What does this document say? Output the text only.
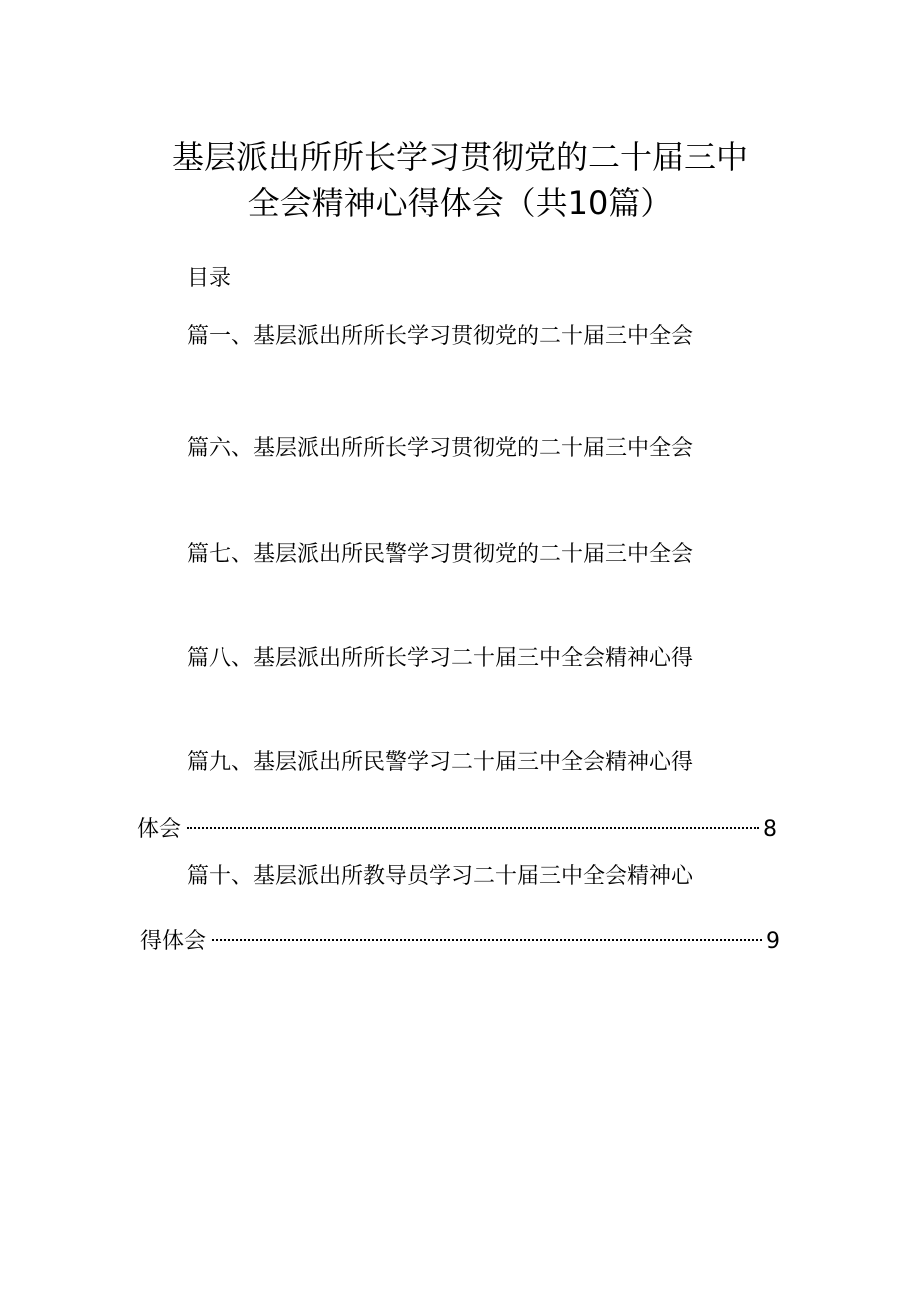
基层派出所所长学习贯彻党的二十届三中
全会精神心得体会（共10篇）
目录
篇一、基层派出所所长学习贯彻党的二十届三中全会
篇六、基层派出所所长学习贯彻党的二十届三中全会
篇七、基层派出所民警学习贯彻党的二十届三中全会
篇八、基层派出所所长学习二十届三中全会精神心得
篇九、基层派出所民警学习二十届三中全会精神心得
体会	8
篇十、基层派出所教导员学习二十届三中全会精神心
得体会	9
